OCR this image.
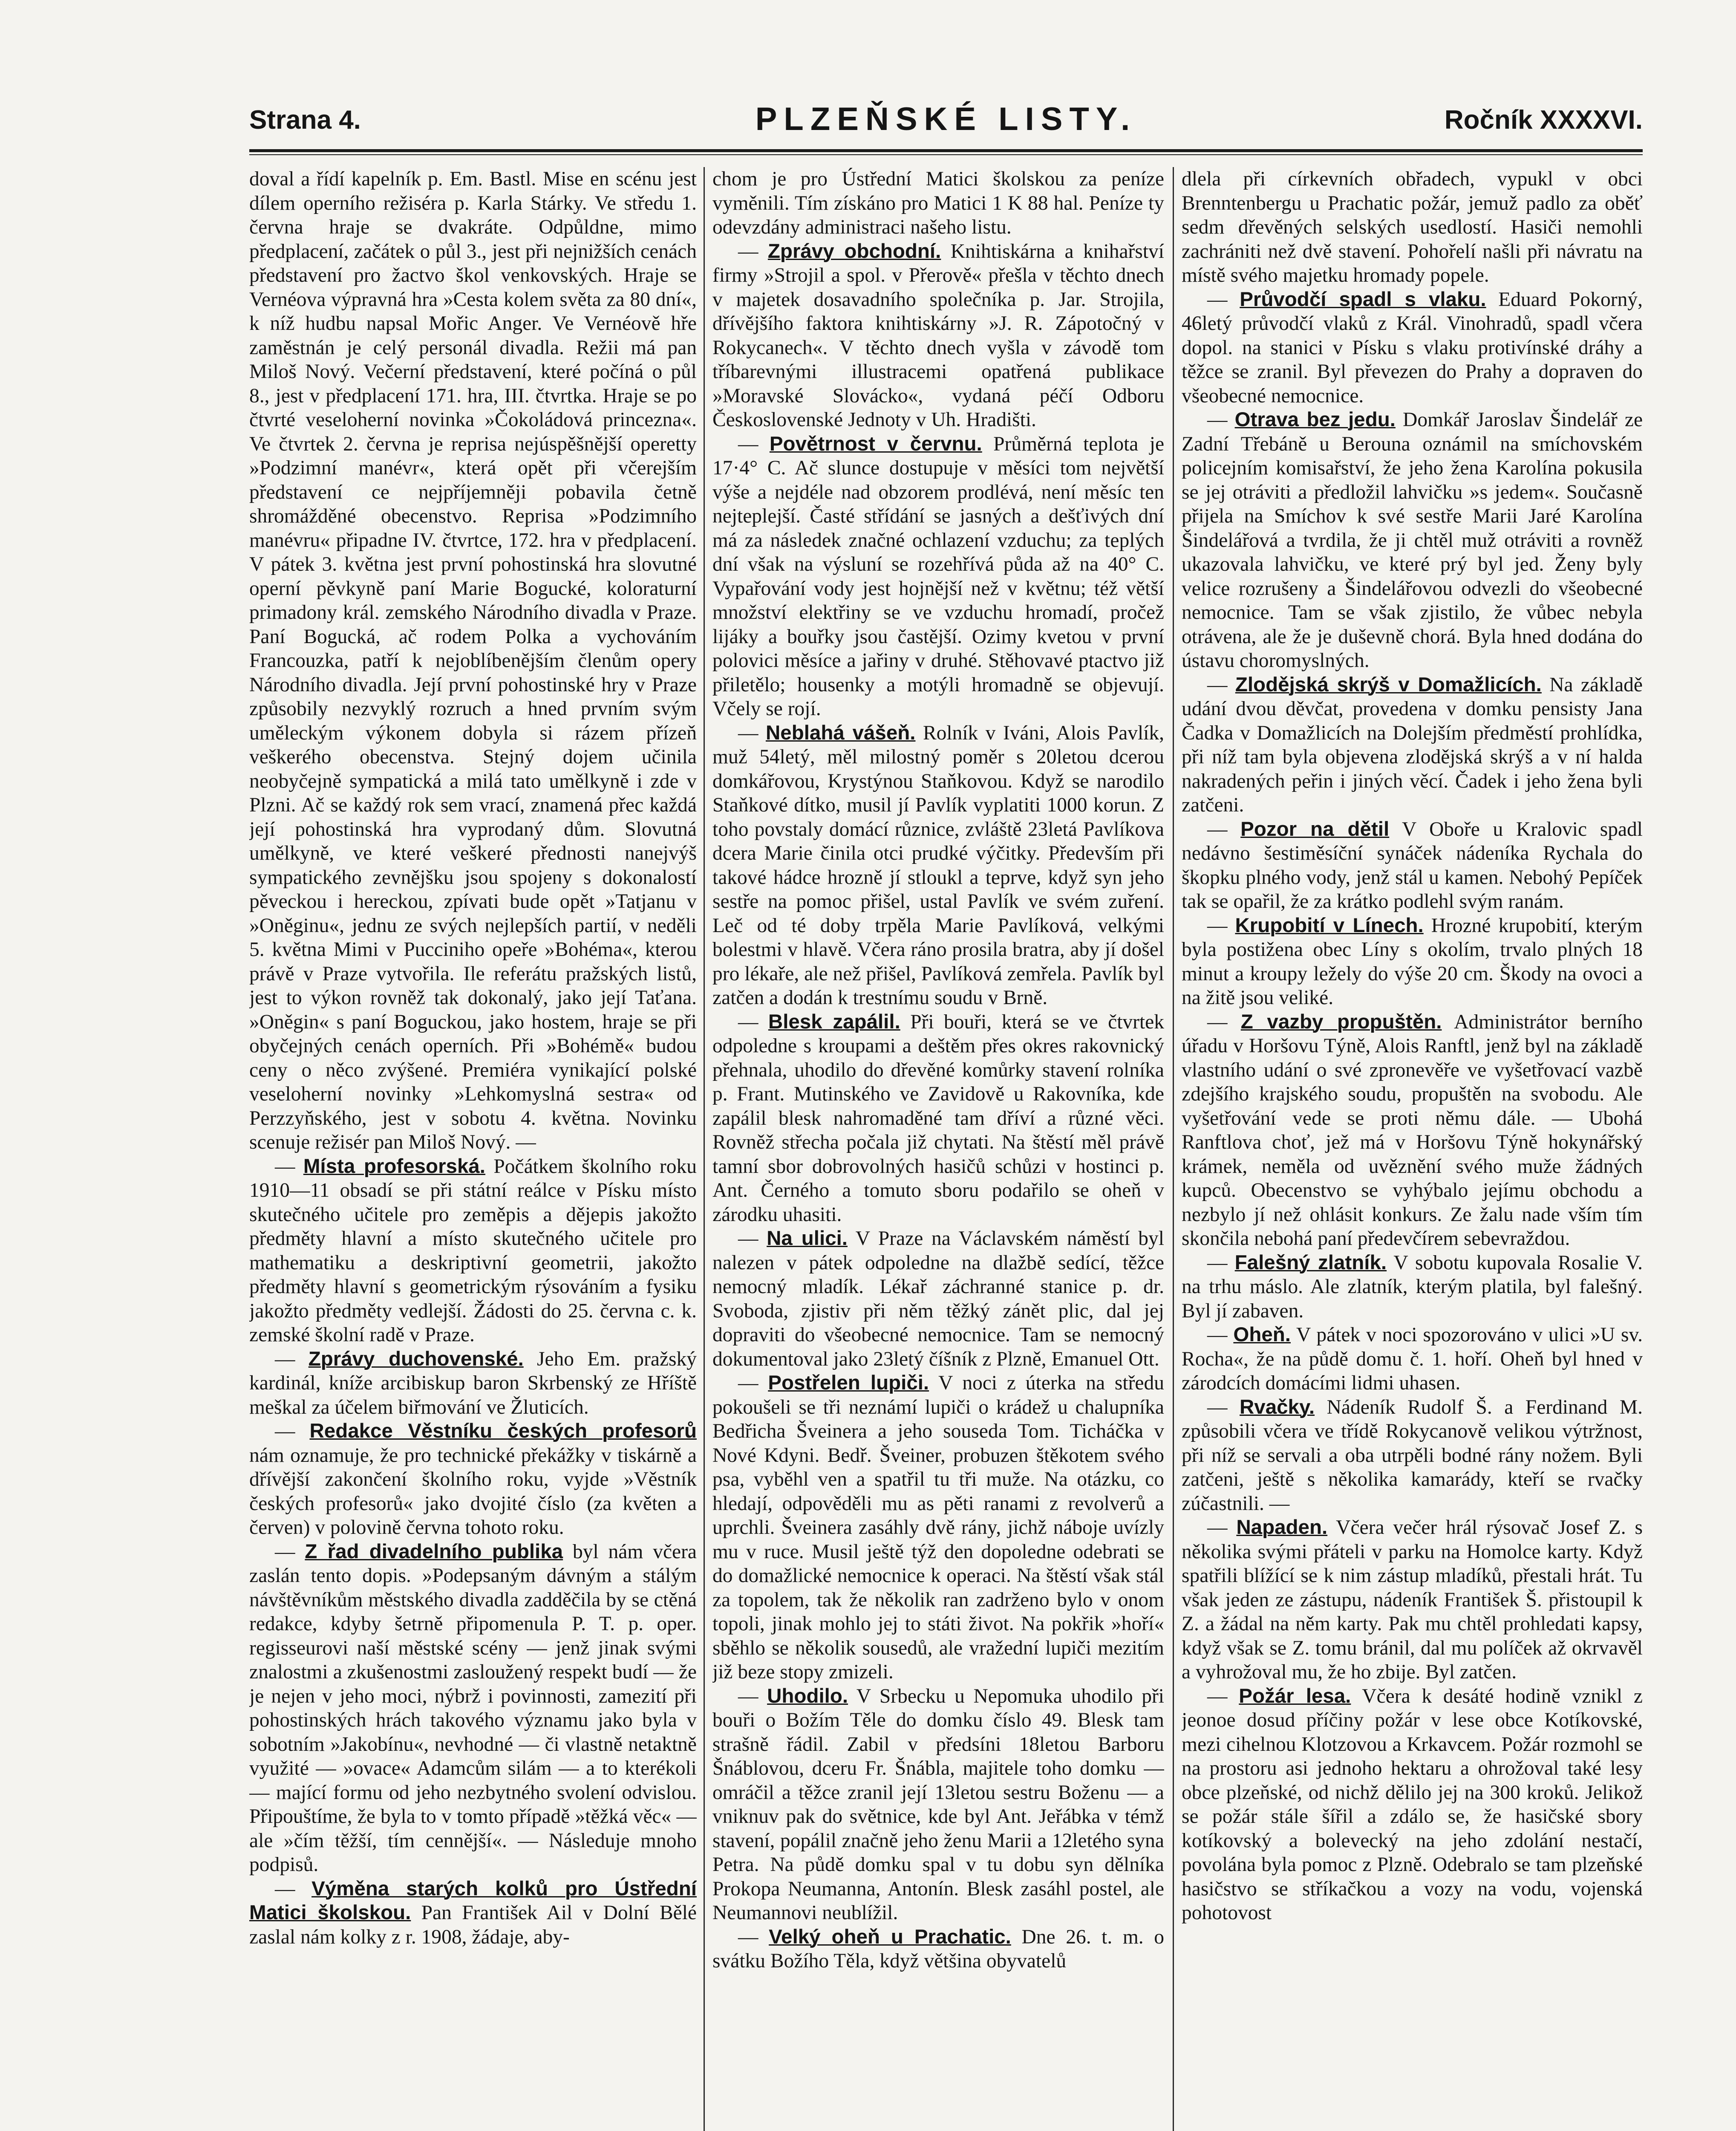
Strana 4.	PLZEŇSKÉ LISTY.	Ročník XXXXVI.

doval a řídí kapelník p. Em. Bastl. Mise en scénu jest dílem operního režiséra p. Karla Stárky. Ve středu 1. června hraje se dvakráte. Odpůldne, mimo předplacení, začátek o půl 3., jest při nejnižších cenách představení pro žactvo škol venkovských. Hraje se Vernéova výpravná hra »Cesta kolem světa za 80 dní«, k níž hudbu napsal Mořic Anger. Ve Vernéově hře zaměstnán je celý personál divadla. Režii má pan Miloš Nový. Večerní představení, které počíná o půl 8., jest v předplacení 171. hra, III. čtvrtka. Hraje se po čtvrté veseloherní novinka »Čokoládová princezna«. Ve čtvrtek 2. června je reprisa nejúspěšnější operetty »Podzimní manévr«, která opět při včerejším představení ce nejpříjemněji pobavila četně shromážděné obecenstvo. Reprisa »Podzimního manévru« připadne IV. čtvrtce, 172. hra v předplacení. V pátek 3. května jest první pohostinská hra slovutné operní pěvkyně paní Marie Bogucké, koloraturní primadony král. zemského Národního divadla v Praze. Paní Bogucká, ač rodem Polka a vychováním Francouzka, patří k nejoblíbenějším členům opery Národního divadla. Její první pohostinské hry v Praze způsobily nezvyklý rozruch a hned prvním svým uměleckým výkonem dobyla si rázem přízeň veškerého obecenstva. Stejný dojem učinila neobyčejně sympatická a milá tato umělkyně i zde v Plzni. Ač se každý rok sem vrací, znamená přec každá její pohostinská hra vyprodaný dům. Slovutná umělkyně, ve které veškeré přednosti nanejvýš sympatického zevnějšku jsou spojeny s dokonalostí pěveckou i hereckou, zpívati bude opět »Tatjanu v »Oněginu«, jednu ze svých nejlepších partií, v neděli 5. května Mimi v Pucciniho opeře »Bohéma«, kterou právě v Praze vytvořila. Ile referátu pražských listů, jest to výkon rovněž tak dokonalý, jako její Taťana. »Oněgin« s paní Boguckou, jako hostem, hraje se při obyčejných cenách operních. Při »Bohémě« budou ceny o něco zvýšené. Premiéra vynikající polské veseloherní novinky »Lehkomyslná sestra« od Perzzyňského, jest v sobotu 4. května. Novinku scenuje režisér pan Miloš Nový. —

— Místa profesorská. Počátkem školního roku 1910—11 obsadí se při státní reálce v Písku místo skutečného učitele pro zeměpis a dějepis jakožto předměty hlavní a místo skutečného učitele pro mathematiku a deskriptivní geometrii, jakožto předměty hlavní s geometrickým rýsováním a fysiku jakožto předměty vedlejší. Žádosti do 25. června c. k. zemské školní radě v Praze.

— Zprávy duchovenské. Jeho Em. pražský kardinál, kníže arcibiskup baron Skrbenský ze Hříště meškal za účelem biřmování ve Žluticích.

— Redakce Věstníku českých profesorů nám oznamuje, že pro technické překážky v tiskárně a dřívější zakončení školního roku, vyjde »Věstník českých profesorů« jako dvojité číslo (za květen a červen) v polovině června tohoto roku.

— Z řad divadelního publika byl nám včera zaslán tento dopis. »Podepsaným dávným a stálým návštěvníkům městského divadla zadděčila by se ctěná redakce, kdyby šetrně připomenula P. T. p. oper. regisseurovi naší městské scény — jenž jinak svými znalostmi a zkušenostmi zasloužený respekt budí — že je nejen v jeho moci, nýbrž i povinnosti, zamezití při pohostinských hrách takového významu jako byla v sobotním »Jakobínu«, nevhodné — či vlastně netaktně využité — »ovace« Adamcům silám — a to kterékoli — mající formu od jeho nezbytného svolení odvislou. Připouštíme, že byla to v tomto případě »těžká věc« — ale »čím těžší, tím cennější«. — Následuje mnoho podpisů.

— Výměna starých kolků pro Ústřední Matici školskou. Pan František Ail v Dolní Bělé zaslal nám kolky z r. 1908, žádaje, aby-

chom je pro Ústřední Matici školskou za peníze vyměnili. Tím získáno pro Matici 1 K 88 hal. Peníze ty odevzdány administraci našeho listu.

— Zprávy obchodní. Knihtiskárna a knihařství firmy »Strojil a spol. v Přerově« přešla v těchto dnech v majetek dosavadního společníka p. Jar. Strojila, dřívějšího faktora knihtiskárny »J. R. Zápotočný v Rokycanech«. V těchto dnech vyšla v závodě tom tříbarevnými illustracemi opatřená publikace »Moravské Slovácko«, vydaná péčí Odboru Československé Jednoty v Uh. Hradišti.

— Povětrnost v červnu. Průměrná teplota je 17·4° C. Ač slunce dostupuje v měsíci tom největší výše a nejdéle nad obzorem prodlévá, není měsíc ten nejteplejší. Časté střídání se jasných a dešťivých dní má za následek značné ochlazení vzduchu; za teplých dní však na výsluní se rozehřívá půda až na 40° C. Vypařování vody jest hojnější než v květnu; též větší množství elektřiny se ve vzduchu hromadí, pročež lijáky a bouřky jsou častější. Ozimy kvetou v první polovici měsíce a jařiny v druhé. Stěhovavé ptactvo již přiletělo; housenky a motýli hromadně se objevují. Včely se rojí.

— Neblahá vášeň. Rolník v Iváni, Alois Pavlík, muž 54letý, měl milostný poměr s 20letou dcerou domkářovou, Krystýnou Staňkovou. Když se narodilo Staňkové dítko, musil jí Pavlík vyplatiti 1000 korun. Z toho povstaly domácí různice, zvláště 23letá Pavlíkova dcera Marie činila otci prudké výčitky. Především při takové hádce hrozně jí stloukl a teprve, když syn jeho sestře na pomoc přišel, ustal Pavlík ve svém zuření. Leč od té doby trpěla Marie Pavlíková, velkými bolestmi v hlavě. Včera ráno prosila bratra, aby jí došel pro lékaře, ale než přišel, Pavlíková zemřela. Pavlík byl zatčen a dodán k trestnímu soudu v Brně.

— Blesk zapálil. Při bouři, která se ve čtvrtek odpoledne s kroupami a deštěm přes okres rakovnický přehnala, uhodilo do dřevěné komůrky stavení rolníka p. Frant. Mutinského ve Zavidově u Rakovníka, kde zapálil blesk nahromaděné tam dříví a různé věci. Rovněž střecha počala již chytati. Na štěstí měl právě tamní sbor dobrovolných hasičů schůzi v hostinci p. Ant. Černého a tomuto sboru podařilo se oheň v zárodku uhasiti.

— Na ulici. V Praze na Václavském náměstí byl nalezen v pátek odpoledne na dlažbě sedící, těžce nemocný mladík. Lékař záchranné stanice p. dr. Svoboda, zjistiv při něm těžký zánět plic, dal jej dopraviti do všeobecné nemocnice. Tam se nemocný dokumentoval jako 23letý číšník z Plzně, Emanuel Ott.

— Postřelen lupiči. V noci z úterka na středu pokoušeli se tři neznámí lupiči o krádež u chalupníka Bedřicha Šveinera a jeho souseda Tom. Ticháčka v Nové Kdyni. Bedř. Šveiner, probuzen štěkotem svého psa, vyběhl ven a spatřil tu tři muže. Na otázku, co hledají, odpověděli mu as pěti ranami z revolverů a uprchli. Šveinera zasáhly dvě rány, jichž náboje uvízly mu v ruce. Musil ještě týž den dopoledne odebrati se do domažlické nemocnice k operaci. Na štěstí však stál za topolem, tak že několik ran zadrženo bylo v onom topoli, jinak mohlo jej to státi život. Na pokřik »hoří« sběhlo se několik sousedů, ale vražední lupiči mezitím již beze stopy zmizeli.

— Uhodilo. V Srbecku u Nepomuka uhodilo při bouři o Božím Těle do domku číslo 49. Blesk tam strašně řádil. Zabil v předsíni 18letou Barboru Šnáblovou, dceru Fr. Šnábla, majitele toho domku — omráčil a těžce zranil její 13letou sestru Boženu — a vniknuv pak do světnice, kde byl Ant. Jeřábka v témž stavení, popálil značně jeho ženu Marii a 12letého syna Petra. Na půdě domku spal v tu dobu syn dělníka Prokopa Neumanna, Antonín. Blesk zasáhl postel, ale Neumannovi neublížil.

— Velký oheň u Prachatic. Dne 26. t. m. o svátku Božího Těla, když většina obyvatelů

dlela při církevních obřadech, vypukl v obci Brenntenbergu u Prachatic požár, jemuž padlo za oběť sedm dřevěných selských usedlostí. Hasiči nemohli zachrániti než dvě stavení. Pohořelí našli při návratu na místě svého majetku hromady popele.

— Průvodčí spadl s vlaku. Eduard Pokorný, 46letý průvodčí vlaků z Král. Vinohradů, spadl včera dopol. na stanici v Písku s vlaku protivínské dráhy a těžce se zranil. Byl převezen do Prahy a dopraven do všeobecné nemocnice.

— Otrava bez jedu. Domkář Jaroslav Šindelář ze Zadní Třebáně u Berouna oznámil na smíchovském policejním komisařství, že jeho žena Karolína pokusila se jej otráviti a předložil lahvičku »s jedem«. Současně přijela na Smíchov k své sestře Marii Jaré Karolína Šindelářová a tvrdila, že ji chtěl muž otráviti a rovněž ukazovala lahvičku, ve které prý byl jed. Ženy byly velice rozrušeny a Šindelářovou odvezli do všeobecné nemocnice. Tam se však zjistilo, že vůbec nebyla otrávena, ale že je duševně chorá. Byla hned dodána do ústavu choromyslných.

— Zlodějská skrýš v Domažlicích. Na základě udání dvou děvčat, provedena v domku pensisty Jana Čadka v Domažlicích na Dolejším předměstí prohlídka, při níž tam byla objevena zlodějská skrýš a v ní halda nakradených peřin i jiných věcí. Čadek i jeho žena byli zatčeni.

— Pozor na dětil V Oboře u Kralovic spadl nedávno šestiměsíční synáček nádeníka Rychala do škopku plného vody, jenž stál u kamen. Nebohý Pepíček tak se opařil, že za krátko podlehl svým ranám.

— Krupobití v Línech. Hrozné krupobití, kterým byla postižena obec Líny s okolím, trvalo plných 18 minut a kroupy ležely do výše 20 cm. Škody na ovoci a na žitě jsou veliké.

— Z vazby propuštěn. Administrátor berního úřadu v Horšovu Týně, Alois Ranftl, jenž byl na základě vlastního udání o své zpronevěře ve vyšetřovací vazbě zdejšího krajského soudu, propuštěn na svobodu. Ale vyšetřování vede se proti němu dále. — Ubohá Ranftlova choť, jež má v Horšovu Týně hokynářský krámek, neměla od uvěznění svého muže žádných kupců. Obecenstvo se vyhýbalo jejímu obchodu a nezbylo jí než ohlásit konkurs. Ze žalu nade vším tím skončila nebohá paní předevčírem sebevraždou.

— Falešný zlatník. V sobotu kupovala Rosalie V. na trhu máslo. Ale zlatník, kterým platila, byl falešný. Byl jí zabaven.

— Oheň. V pátek v noci spozorováno v ulici »U sv. Rocha«, že na půdě domu č. 1. hoří. Oheň byl hned v zárodcích domácími lidmi uhasen.

— Rvačky. Nádeník Rudolf Š. a Ferdinand M. způsobili včera ve třídě Rokycanově velikou výtržnost, při níž se servali a oba utrpěli bodné rány nožem. Byli zatčeni, ještě s několika kamarády, kteří se rvačky zúčastnili. —

— Napaden. Včera večer hrál rýsovač Josef Z. s několika svými přáteli v parku na Homolce karty. Když spatřili blížící se k nim zástup mladíků, přestali hrát. Tu však jeden ze zástupu, nádeník František Š. přistoupil k Z. a žádal na něm karty. Pak mu chtěl prohledati kapsy, když však se Z. tomu bránil, dal mu políček až okrvavěl a vyhrožoval mu, že ho zbije. Byl zatčen.

— Požár lesa. Včera k desáté hodině vznikl z jeonoe dosud příčiny požár v lese obce Kotíkovské, mezi cihelnou Klotzovou a Krkavcem. Požár rozmohl se na prostoru asi jednoho hektaru a ohrožoval také lesy obce plzeňské, od nichž dělilo jej na 300 kroků. Jelikož se požár stále šířil a zdálo se, že hasičské sbory kotíkovský a bolevecký na jeho zdolání nestačí, povolána byla pomoc z Plzně. Odebralo se tam plzeňské hasičstvo se stříkačkou a vozy na vodu, vojenská pohotovost
